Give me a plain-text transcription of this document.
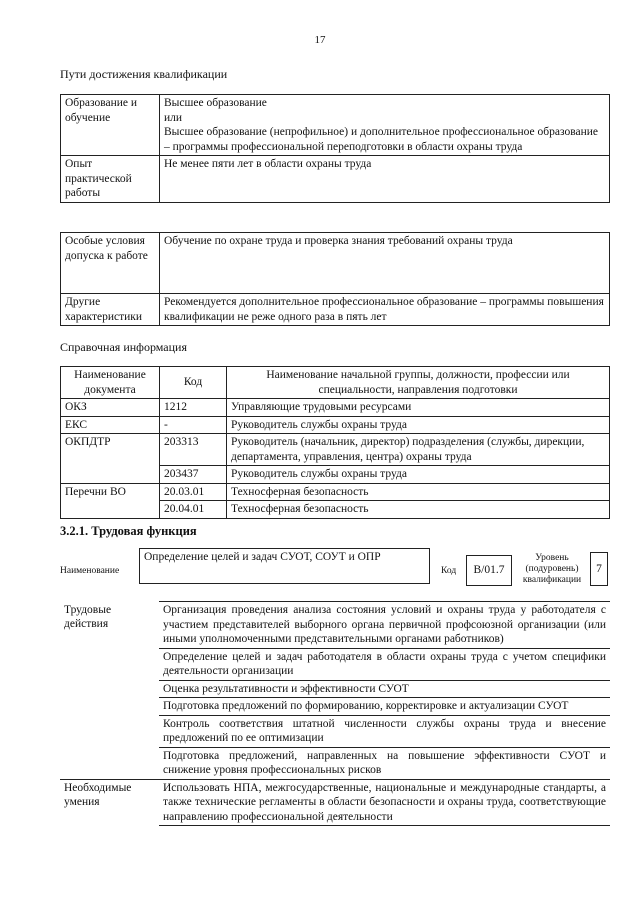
17
Пути достижения квалификации
Образование и обучение	Высшее образование
или
Высшее образование (непрофильное) и дополнительное профессиональное образование – программы профессиональной переподготовки в области охраны труда

Опыт практической работы	Не менее пяти лет в области охраны труда
Особые условия допуска к работе	Обучение по охране труда и проверка знания требований охраны труда
Другие характеристики	Рекомендуется дополнительное профессиональное образование – программы повышения квалификации не реже одного раза в пять лет
Справочная информация
Наименование документа	Код	Наименование начальной группы, должности, профессии или специальности, направления подготовки
ОКЗ	1212	Управляющие трудовыми ресурсами
ЕКС	-	Руководитель службы охраны труда
ОКПДТР	203313	Руководитель (начальник, директор) подразделения (службы, дирекции, департамента, управления, центра) охраны труда
	203437	Руководитель службы охраны труда
Перечни ВО	20.03.01	Техносферная безопасность
	20.04.01	Техносферная безопасность
3.2.1. Трудовая функция
Наименование
Определение целей и задач СУОТ, СОУТ и ОПР
Код	B/01.7
Уровень (подуровень) квалификации
7
Трудовые действия	Организация проведения анализа состояния условий и охраны труда у работодателя с участием представителей выборного органа первичной профсоюзной организации (или иными уполномоченными представительными органами работников)
	Определение целей и задач работодателя в области охраны труда с учетом специфики деятельности организации
	Оценка результативности и эффективности СУОТ
	Подготовка предложений по формированию, корректировке и актуализации СУОТ
	Контроль соответствия штатной численности службы охраны труда и внесение предложений по ее оптимизации
	Подготовка предложений, направленных на повышение эффективности СУОТ и снижение уровня профессиональных рисков
Необходимые умения	Использовать НПА, межгосударственные, национальные и международные стандарты, а также технические регламенты в области безопасности и охраны труда, соответствующие направлению профессиональной деятельности
